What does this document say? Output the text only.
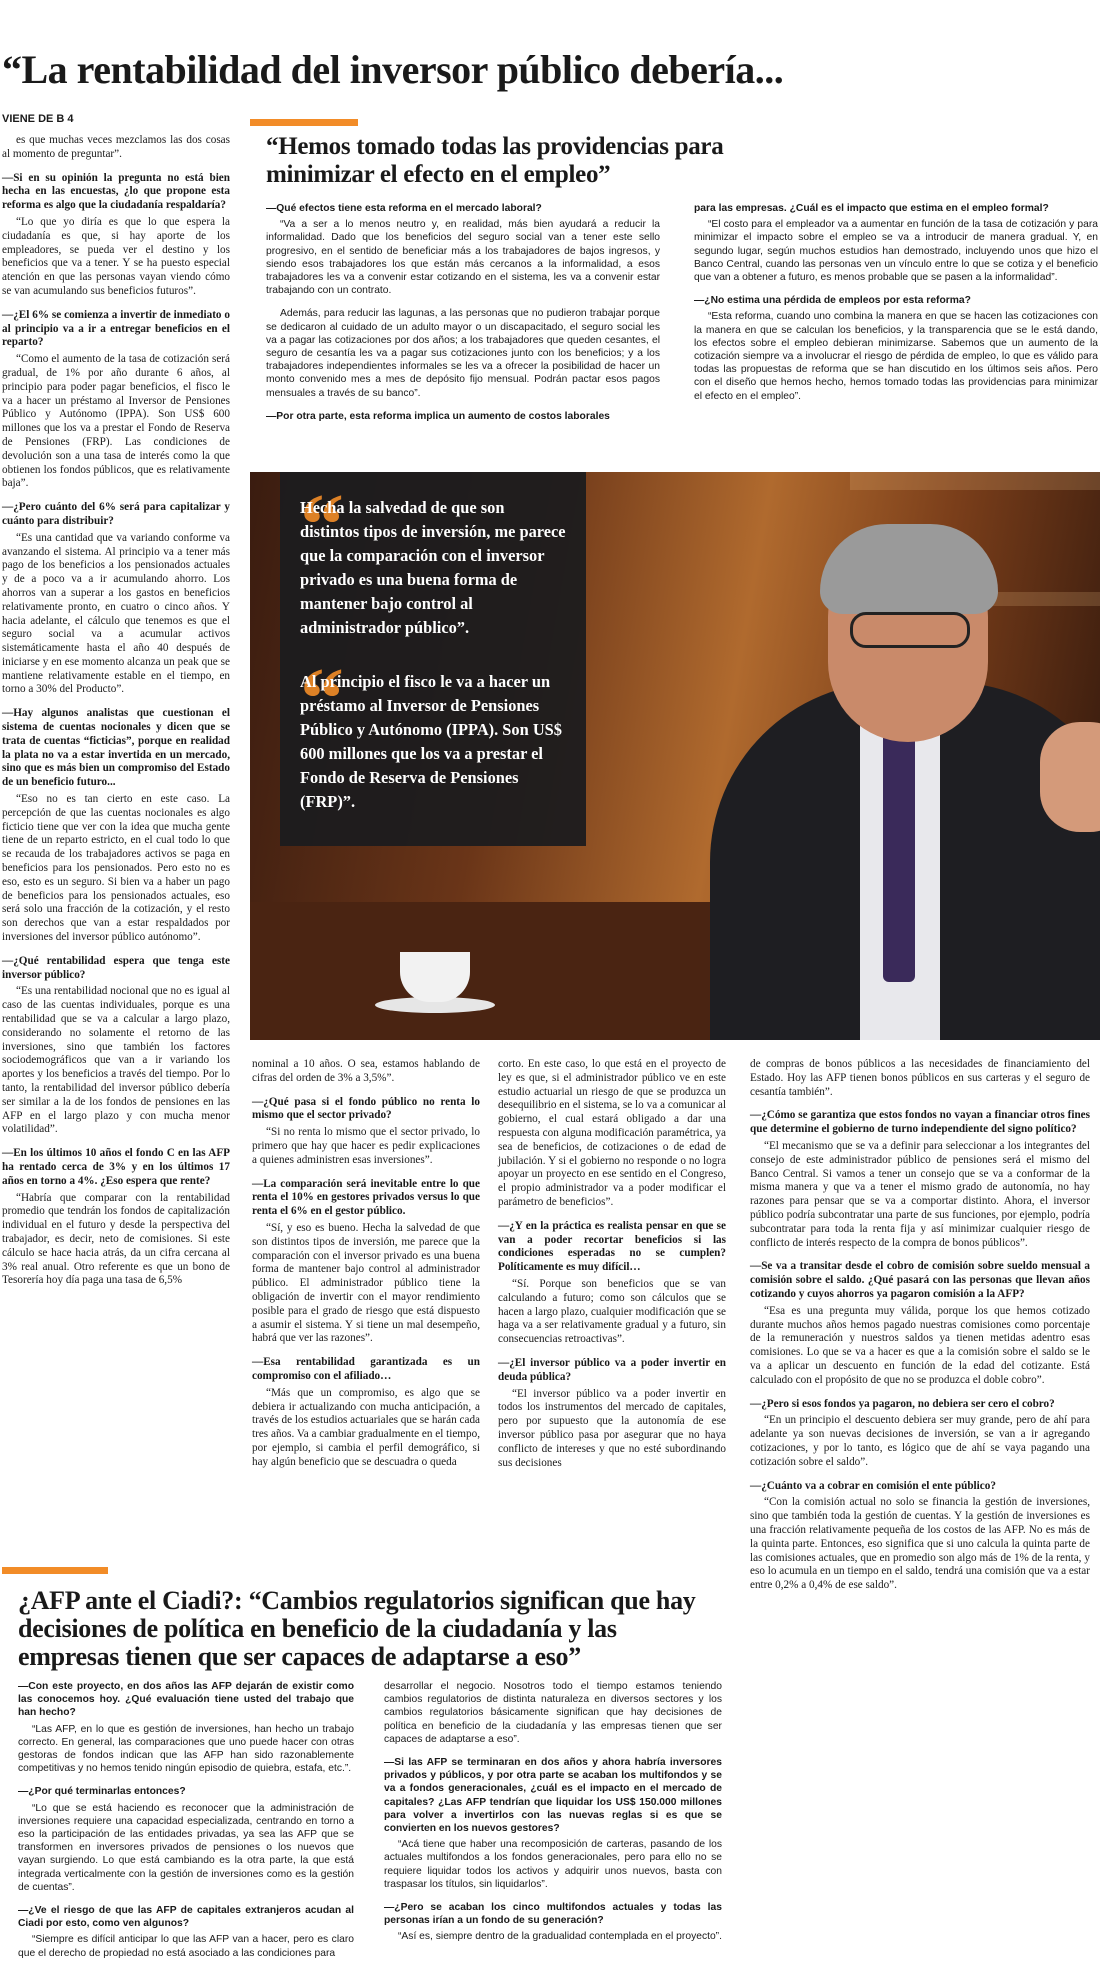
“La rentabilidad del inversor público debería...
VIENE DE B 4

es que muchas veces mezclamos las dos cosas al momento de preguntar”.

—Si en su opinión la pregunta no está bien hecha en las encuestas, ¿lo que propone esta reforma es algo que la ciudadanía respaldaría?

“Lo que yo diría es que lo que espera la ciudadanía es que, si hay aporte de los empleadores, se pueda ver el destino y los beneficios que va a tener. Y se ha puesto especial atención en que las personas vayan viendo cómo se van acumulando sus beneficios futuros”.

—¿El 6% se comienza a invertir de inmediato o al principio va a ir a entregar beneficios en el reparto?

“Como el aumento de la tasa de cotización será gradual, de 1% por año durante 6 años, al principio para poder pagar beneficios, el fisco le va a hacer un préstamo al Inversor de Pensiones Público y Autónomo (IPPA). Son US$ 600 millones que los va a prestar el Fondo de Reserva de Pensiones (FRP). Las condiciones de devolución son a una tasa de interés como la que obtienen los fondos públicos, que es relativamente baja”.

—¿Pero cuánto del 6% será para capitalizar y cuánto para distribuir?

“Es una cantidad que va variando conforme va avanzando el sistema. Al principio va a tener más pago de los beneficios a los pensionados actuales y de a poco va a ir acumulando ahorro. Los ahorros van a superar a los gastos en beneficios relativamente pronto, en cuatro o cinco años. Y hacia adelante, el cálculo que tenemos es que el seguro social va a acumular activos sistemáticamente hasta el año 40 después de iniciarse y en ese momento alcanza un peak que se mantiene relativamente estable en el tiempo, en torno a 30% del Producto”.

—Hay algunos analistas que cuestionan el sistema de cuentas nocionales y dicen que se trata de cuentas “ficticias”, porque en realidad la plata no va a estar invertida en un mercado, sino que es más bien un compromiso del Estado de un beneficio futuro...

“Eso no es tan cierto en este caso. La percepción de que las cuentas nocionales es algo ficticio tiene que ver con la idea que mucha gente tiene de un reparto estricto, en el cual todo lo que se recauda de los trabajadores activos se paga en beneficios para los pensionados. Pero esto no es eso, esto es un seguro. Si bien va a haber un pago de beneficios para los pensionados actuales, eso será solo una fracción de la cotización, y el resto son derechos que van a estar respaldados por inversiones del inversor público autónomo”.

—¿Qué rentabilidad espera que tenga este inversor público?

“Es una rentabilidad nocional que no es igual al caso de las cuentas individuales, porque es una rentabilidad que se va a calcular a largo plazo, considerando no solamente el retorno de las inversiones, sino que también los factores sociodemográficos que van a ir variando los aportes y los beneficios a través del tiempo. Por lo tanto, la rentabilidad del inversor público debería ser similar a la de los fondos de pensiones en las AFP en el largo plazo y con mucha menor volatilidad”.

—En los últimos 10 años el fondo C en las AFP ha rentado cerca de 3% y en los últimos 17 años en torno a 4%. ¿Eso espera que rente?

“Habría que comparar con la rentabilidad promedio que tendrán los fondos de capitalización individual en el futuro y desde la perspectiva del trabajador, es decir, neto de comisiones. Si este cálculo se hace hacia atrás, da un cifra cercana al 3% real anual. Otro referente es que un bono de Tesorería hoy día paga una tasa de 6,5%

“Hemos tomado todas las providencias para minimizar el efecto en el empleo”

—Qué efectos tiene esta reforma en el mercado laboral?

“Va a ser a lo menos neutro y, en realidad, más bien ayudará a reducir la informalidad. Dado que los beneficios del seguro social van a tener este sello progresivo, en el sentido de beneficiar más a los trabajadores de bajos ingresos, y siendo esos trabajadores los que están más cercanos a la informalidad, a esos trabajadores les va a convenir estar cotizando en el sistema, les va a convenir estar trabajando con un contrato.

Además, para reducir las lagunas, a las personas que no pudieron trabajar porque se dedicaron al cuidado de un adulto mayor o un discapacitado, el seguro social les va a pagar las cotizaciones por dos años; a los trabajadores que queden cesantes, el seguro de cesantía les va a pagar sus cotizaciones junto con los beneficios; y a los trabajadores independientes informales se les va a ofrecer la posibilidad de hacer un monto convenido mes a mes de depósito fijo mensual. Podrán pactar esos pagos mensuales a través de su banco”.

—Por otra parte, esta reforma implica un aumento de costos laborales

para las empresas. ¿Cuál es el impacto que estima en el empleo formal?

“El costo para el empleador va a aumentar en función de la tasa de cotización y para minimizar el impacto sobre el empleo se va a introducir de manera gradual. Y, en segundo lugar, según muchos estudios han demostrado, incluyendo unos que hizo el Banco Central, cuando las personas ven un vínculo entre lo que se cotiza y el beneficio que van a obtener a futuro, es menos probable que se pasen a la informalidad”.

—¿No estima una pérdida de empleos por esta reforma?

“Esta reforma, cuando uno combina la manera en que se hacen las cotizaciones con la manera en que se calculan los beneficios, y la transparencia que se le está dando, los efectos sobre el empleo debieran minimizarse. Sabemos que un aumento de la cotización siempre va a involucrar el riesgo de pérdida de empleo, lo que es válido para todas las propuestas de reforma que se han discutido en los últimos seis años. Pero con el diseño que hemos hecho, hemos tomado todas las providencias para minimizar el efecto en el empleo”.

“
Hecha la salvedad de que son distintos tipos de inversión, me parece que la comparación con el inversor privado es una buena forma de mantener bajo control al administrador público”.
“
Al principio el fisco le va a hacer un préstamo al Inversor de Pensiones Público y Autónomo (IPPA). Son US$ 600 millones que los va a prestar el Fondo de Reserva de Pensiones (FRP)”.

nominal a 10 años. O sea, estamos hablando de cifras del orden de 3% a 3,5%”.

—¿Qué pasa si el fondo público no renta lo mismo que el sector privado?

“Si no renta lo mismo que el sector privado, lo primero que hay que hacer es pedir explicaciones a quienes administren esas inversiones”.

—La comparación será inevitable entre lo que renta el 10% en gestores privados versus lo que renta el 6% en el gestor público.

“Sí, y eso es bueno. Hecha la salvedad de que son distintos tipos de inversión, me parece que la comparación con el inversor privado es una buena forma de mantener bajo control al administrador público. El administrador público tiene la obligación de invertir con el mayor rendimiento posible para el grado de riesgo que está dispuesto a asumir el sistema. Y si tiene un mal desempeño, habrá que ver las razones”.

—Esa rentabilidad garantizada es un compromiso con el afiliado…

“Más que un compromiso, es algo que se debiera ir actualizando con mucha anticipación, a través de los estudios actuariales que se harán cada tres años. Va a cambiar gradualmente en el tiempo, por ejemplo, si cambia el perfil demográfico, si hay algún beneficio que se descuadra o queda

corto. En este caso, lo que está en el proyecto de ley es que, si el administrador público ve en este estudio actuarial un riesgo de que se produzca un desequilibrio en el sistema, se lo va a comunicar al gobierno, el cual estará obligado a dar una respuesta con alguna modificación paramétrica, ya sea de beneficios, de cotizaciones o de edad de jubilación. Y si el gobierno no responde o no logra apoyar un proyecto en ese sentido en el Congreso, el propio administrador va a poder modificar el parámetro de beneficios”.

—¿Y en la práctica es realista pensar en que se van a poder recortar beneficios si las condiciones esperadas no se cumplen? Políticamente es muy difícil…

“Sí. Porque son beneficios que se van calculando a futuro; como son cálculos que se hacen a largo plazo, cualquier modificación que se haga va a ser relativamente gradual y a futuro, sin consecuencias retroactivas”.

—¿El inversor público va a poder invertir en deuda pública?

“El inversor público va a poder invertir en todos los instrumentos del mercado de capitales, pero por supuesto que la autonomía de ese inversor público pasa por asegurar que no haya conflicto de intereses y que no esté subordinando sus decisiones

de compras de bonos públicos a las necesidades de financiamiento del Estado. Hoy las AFP tienen bonos públicos en sus carteras y el seguro de cesantía también”.

—¿Cómo se garantiza que estos fondos no vayan a financiar otros fines que determine el gobierno de turno independiente del signo político?

“El mecanismo que se va a definir para seleccionar a los integrantes del consejo de este administrador público de pensiones será el mismo del Banco Central. Si vamos a tener un consejo que se va a conformar de la misma manera y que va a tener el mismo grado de autonomía, no hay razones para pensar que se va a comportar distinto. Ahora, el inversor público podría subcontratar una parte de sus funciones, por ejemplo, podría subcontratar para toda la renta fija y así minimizar cualquier riesgo de conflicto de interés respecto de la compra de bonos públicos”.

—Se va a transitar desde el cobro de comisión sobre sueldo mensual a comisión sobre el saldo. ¿Qué pasará con las personas que llevan años cotizando y cuyos ahorros ya pagaron comisión a la AFP?

“Esa es una pregunta muy válida, porque los que hemos cotizado durante muchos años hemos pagado nuestras comisiones como porcentaje de la remuneración y nuestros saldos ya tienen metidas adentro esas comisiones. Lo que se va a hacer es que a la comisión sobre el saldo se le va a aplicar un descuento en función de la edad del cotizante. Está calculado con el propósito de que no se produzca el doble cobro”.

—¿Pero si esos fondos ya pagaron, no debiera ser cero el cobro?

“En un principio el descuento debiera ser muy grande, pero de ahí para adelante ya son nuevas decisiones de inversión, se van a ir agregando cotizaciones, y por lo tanto, es lógico que de ahí se vaya pagando una cotización sobre el saldo”.

—¿Cuánto va a cobrar en comisión el ente público?

“Con la comisión actual no solo se financia la gestión de inversiones, sino que también toda la gestión de cuentas. Y la gestión de inversiones es una fracción relativamente pequeña de los costos de las AFP. No es más de la quinta parte. Entonces, eso significa que si uno calcula la quinta parte de las comisiones actuales, que en promedio son algo más de 1% de la renta, y eso lo acumula en un tiempo en el saldo, tendrá una comisión que va a estar entre 0,2% a 0,4% de ese saldo”.

¿AFP ante el Ciadi?: “Cambios regulatorios significan que hay decisiones de política en beneficio de la ciudadanía y las empresas tienen que ser capaces de adaptarse a eso”

—Con este proyecto, en dos años las AFP dejarán de existir como las conocemos hoy. ¿Qué evaluación tiene usted del trabajo que han hecho?

“Las AFP, en lo que es gestión de inversiones, han hecho un trabajo correcto. En general, las comparaciones que uno puede hacer con otras gestoras de fondos indican que las AFP han sido razonablemente competitivas y no hemos tenido ningún episodio de quiebra, estafa, etc.”.

—¿Por qué terminarlas entonces?

“Lo que se está haciendo es reconocer que la administración de inversiones requiere una capacidad especializada, centrando en torno a eso la participación de las entidades privadas, ya sea las AFP que se transformen en inversores privados de pensiones o los nuevos que vayan surgiendo. Lo que está cambiando es la otra parte, la que está integrada verticalmente con la gestión de inversiones como es la gestión de cuentas”.

—¿Ve el riesgo de que las AFP de capitales extranjeros acudan al Ciadi por esto, como ven algunos?

“Siempre es difícil anticipar lo que las AFP van a hacer, pero es claro que el derecho de propiedad no está asociado a las condiciones para

desarrollar el negocio. Nosotros todo el tiempo estamos teniendo cambios regulatorios de distinta naturaleza en diversos sectores y los cambios regulatorios básicamente significan que hay decisiones de política en beneficio de la ciudadanía y las empresas tienen que ser capaces de adaptarse a eso”.

—Si las AFP se terminaran en dos años y ahora habría inversores privados y públicos, y por otra parte se acaban los multifondos y se va a fondos generacionales, ¿cuál es el impacto en el mercado de capitales? ¿Las AFP tendrían que liquidar los US$ 150.000 millones para volver a invertirlos con las nuevas reglas si es que se convierten en los nuevos gestores?

“Acá tiene que haber una recomposición de carteras, pasando de los actuales multifondos a los fondos generacionales, pero para ello no se requiere liquidar todos los activos y adquirir unos nuevos, basta con traspasar los títulos, sin liquidarlos”.

—¿Pero se acaban los cinco multifondos actuales y todas las personas irían a un fondo de su generación?

“Así es, siempre dentro de la gradualidad contemplada en el proyecto”.
